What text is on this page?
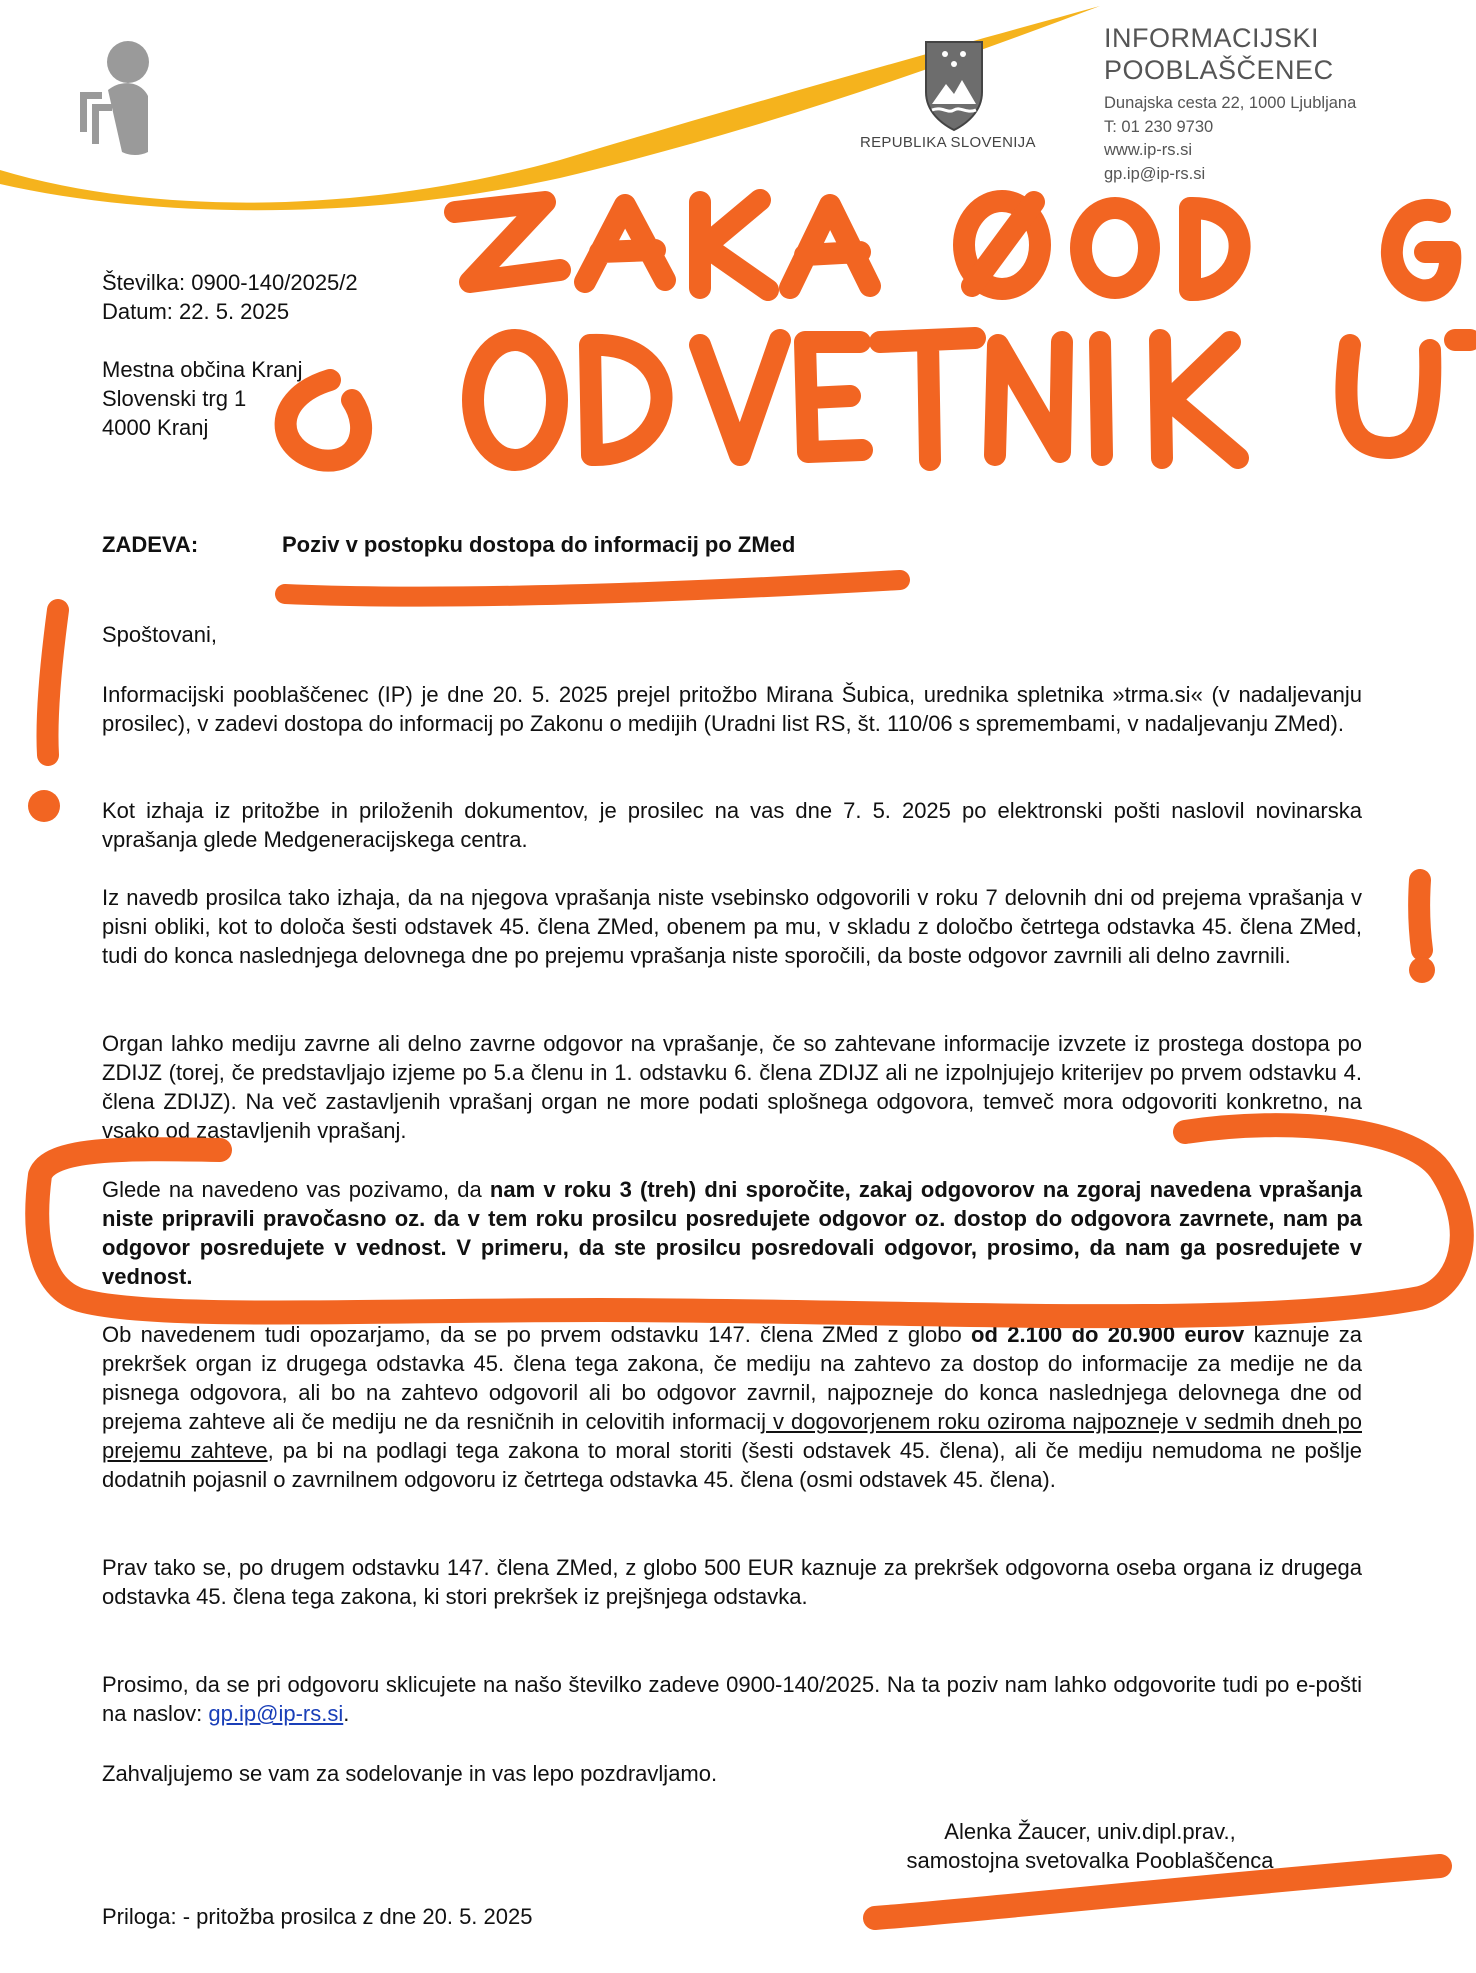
INFORMACIJSKI
POOBLAŠČENEC
Dunajska cesta 22, 1000 Ljubljana
T: 01 230 9730
www.ip-rs.si
gp.ip@ip-rs.si
REPUBLIKA SLOVENIJA
Številka: 0900-140/2025/2
Datum: 22. 5. 2025
Mestna občina Kranj
Slovenski trg 1
4000 Kranj
ZADEVA:	Poziv v postopku dostopa do informacij po ZMed
Spoštovani,
Informacijski pooblaščenec (IP) je dne 20. 5. 2025 prejel pritožbo Mirana Šubica, urednika spletnika »trma.si« (v nadaljevanju prosilec), v zadevi dostopa do informacij po Zakonu o medijih (Uradni list RS, št. 110/06 s spremembami, v nadaljevanju ZMed).
Kot izhaja iz pritožbe in priloženih dokumentov, je prosilec na vas dne 7. 5. 2025 po elektronski pošti naslovil novinarska vprašanja glede Medgeneracijskega centra.
Iz navedb prosilca tako izhaja, da na njegova vprašanja niste vsebinsko odgovorili v roku 7 delovnih dni od prejema vprašanja v pisni obliki, kot to določa šesti odstavek 45. člena ZMed, obenem pa mu, v skladu z določbo četrtega odstavka 45. člena ZMed, tudi do konca naslednjega delovnega dne po prejemu vprašanja niste sporočili, da boste odgovor zavrnili ali delno zavrnili.
Organ lahko mediju zavrne ali delno zavrne odgovor na vprašanje, če so zahtevane informacije izvzete iz prostega dostopa po ZDIJZ (torej, če predstavljajo izjeme po 5.a členu in 1. odstavku 6. člena ZDIJZ ali ne izpolnjujejo kriterijev po prvem odstavku 4. člena ZDIJZ). Na več zastavljenih vprašanj organ ne more podati splošnega odgovora, temveč mora odgovoriti konkretno, na vsako od zastavljenih vprašanj.
Glede na navedeno vas pozivamo, da nam v roku 3 (treh) dni sporočite, zakaj odgovorov na zgoraj navedena vprašanja niste pripravili pravočasno oz. da v tem roku prosilcu posredujete odgovor oz. dostop do odgovora zavrnete, nam pa odgovor posredujete v vednost. V primeru, da ste prosilcu posredovali odgovor, prosimo, da nam ga posredujete v vednost.
Ob navedenem tudi opozarjamo, da se po prvem odstavku 147. člena ZMed z globo od 2.100 do 20.900 eurov kaznuje za prekršek organ iz drugega odstavka 45. člena tega zakona, če mediju na zahtevo za dostop do informacije za medije ne da pisnega odgovora, ali bo na zahtevo odgovoril ali bo odgovor zavrnil, najpozneje do konca naslednjega delovnega dne od prejema zahteve ali če mediju ne da resničnih in celovitih informacij v dogovorjenem roku oziroma najpozneje v sedmih dneh po prejemu zahteve, pa bi na podlagi tega zakona to moral storiti (šesti odstavek 45. člena), ali če mediju nemudoma ne pošlje dodatnih pojasnil o zavrnilnem odgovoru iz četrtega odstavka 45. člena (osmi odstavek 45. člena).
Prav tako se, po drugem odstavku 147. člena ZMed, z globo 500 EUR kaznuje za prekršek odgovorna oseba organa iz drugega odstavka 45. člena tega zakona, ki stori prekršek iz prejšnjega odstavka.
Prosimo, da se pri odgovoru sklicujete na našo številko zadeve 0900-140/2025. Na ta poziv nam lahko odgovorite tudi po e-pošti na naslov: gp.ip@ip-rs.si.
Zahvaljujemo se vam za sodelovanje in vas lepo pozdravljamo.
Alenka Žaucer, univ.dipl.prav.,
samostojna svetovalka Pooblaščenca
Priloga: - pritožba prosilca z dne 20. 5. 2025
